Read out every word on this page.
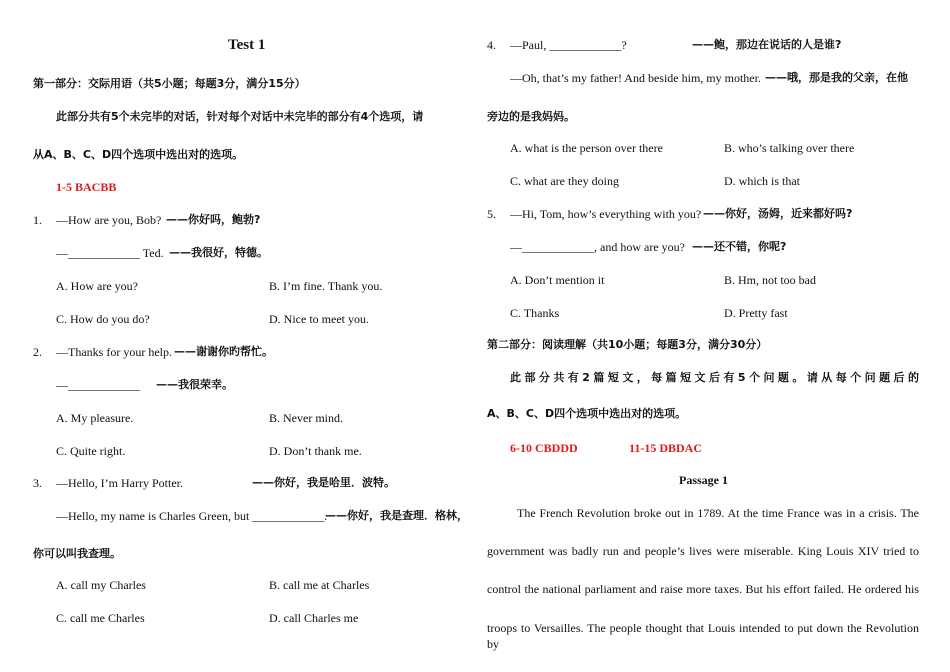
Test 1
第一部分：交际用语（共5小题；每题3分，满分15分）
此部分共有5个未完毕的对话，针对每个对话中未完毕的部分有4个选项，请
从A、B、C、D四个选项中选出对的选项。
1-5 BACBB
1. —How are you, Bob? ——你好吗，鲍勃?
—____________ Ted. ——我很好，特德。
A. How are you?	B. I’m fine. Thank you.
C. How do you do?	D. Nice to meet you.
2. —Thanks for your help. ——谢谢你旳帮忙。
—____________ ——我很荣幸。
A. My pleasure.	B. Never mind.
C. Quite right.	D. Don’t thank me.
3. —Hello, I’m Harry Potter.	——你好，我是哈里．波特。
—Hello, my name is Charles Green, but ____________.
——你好，我是查理．格林，
你可以叫我查理。
A. call my Charles	B. call me at Charles
C. call me Charles	D. call Charles me
4. —Paul, ____________?	——鲍，那边在说话的人是谁?
—Oh, that’s my father! And beside him, my mother. ——哦，那是我的父亲，在他
旁边的是我妈妈。
A. what is the person over there	B. who’s talking over there
C. what are they doing	D. which is that
5. —Hi, Tom, how’s everything with you? ——你好，汤姆，近来都好吗?
—____________, and how are you? ——还不错，你呢?
A. Don’t mention it	B. Hm, not too bad
C. Thanks	D. Pretty fast
第二部分：阅读理解（共10小题；每题3分，满分30分）
此部分共有2篇短文，每篇短文后有5个问题。请从每个问题后的
A、B、C、D四个选项中选出对的选项。
6-10 CBDDD	11-15 DBDAC
Passage 1
The French Revolution broke out in 1789. At the time France was in a crisis. The
government was badly run and people’s lives were miserable. King Louis XIV tried to
control the national parliament and raise more taxes. But his effort failed. He ordered his
troops to Versailles. The people thought that Louis intended to put down the Revolution by
